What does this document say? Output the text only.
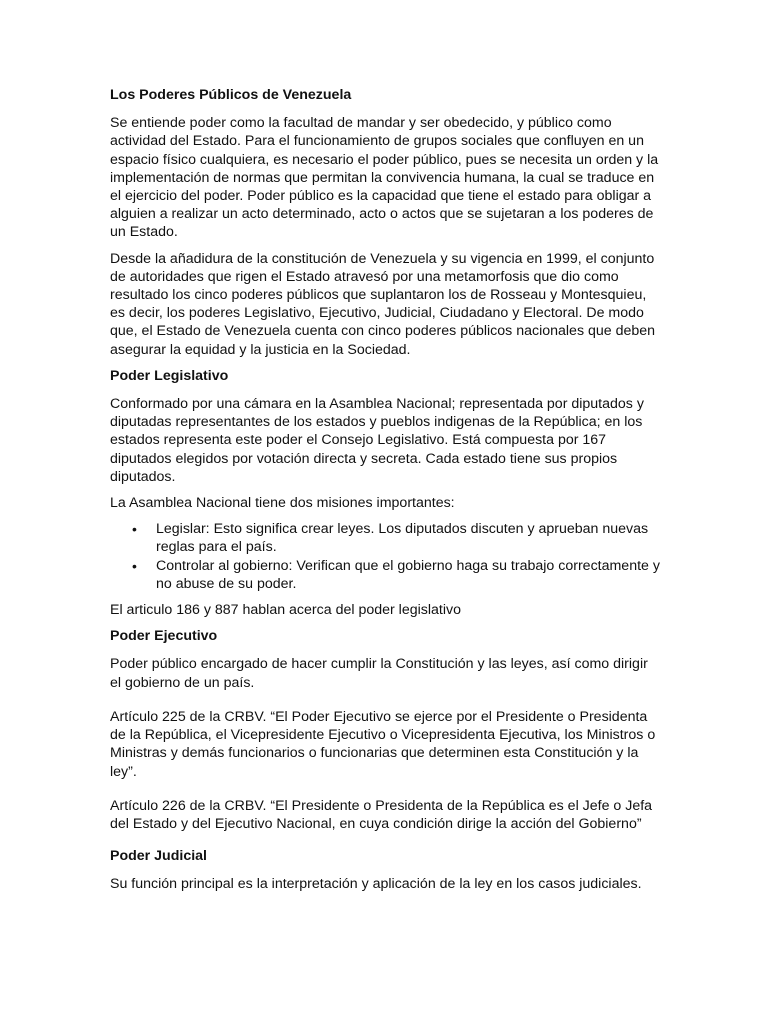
Los Poderes Públicos de Venezuela

Se entiende poder como la facultad de mandar y ser obedecido, y público como actividad del Estado. Para el funcionamiento de grupos sociales que confluyen en un espacio físico cualquiera, es necesario el poder público, pues se necesita un orden y la implementación de normas que permitan la convivencia humana, la cual se traduce en el ejercicio del poder. Poder público es la capacidad que tiene el estado para obligar a alguien a realizar un acto determinado, acto o actos que se sujetaran a los poderes de un Estado.

Desde la añadidura de la constitución de Venezuela y su vigencia en 1999, el conjunto de autoridades que rigen el Estado atravesó por una metamorfosis que dio como resultado los cinco poderes públicos que suplantaron los de Rosseau y Montesquieu, es decir, los poderes Legislativo, Ejecutivo, Judicial, Ciudadano y Electoral. De modo que, el Estado de Venezuela cuenta con cinco poderes públicos nacionales que deben asegurar la equidad y la justicia en la Sociedad.

Poder Legislativo

Conformado por una cámara en la Asamblea Nacional; representada por diputados y diputadas representantes de los estados y pueblos indigenas de la República; en los estados representa este poder el Consejo Legislativo. Está compuesta por 167 diputados elegidos por votación directa y secreta. Cada estado tiene sus propios diputados.

La Asamblea Nacional tiene dos misiones importantes:

• Legislar: Esto significa crear leyes. Los diputados discuten y aprueban nuevas reglas para el país.
• Controlar al gobierno: Verifican que el gobierno haga su trabajo correctamente y no abuse de su poder.

El articulo 186 y 887 hablan acerca del poder legislativo

Poder Ejecutivo

Poder público encargado de hacer cumplir la Constitución y las leyes, así como dirigir el gobierno de un país.

Artículo 225 de la CRBV. “El Poder Ejecutivo se ejerce por el Presidente o Presidenta de la República, el Vicepresidente Ejecutivo o Vicepresidenta Ejecutiva, los Ministros o Ministras y demás funcionarios o funcionarias que determinen esta Constitución y la ley”.

Artículo 226 de la CRBV. “El Presidente o Presidenta de la República es el Jefe o Jefa del Estado y del Ejecutivo Nacional, en cuya condición dirige la acción del Gobierno”

Poder Judicial

Su función principal es la interpretación y aplicación de la ley en los casos judiciales.
